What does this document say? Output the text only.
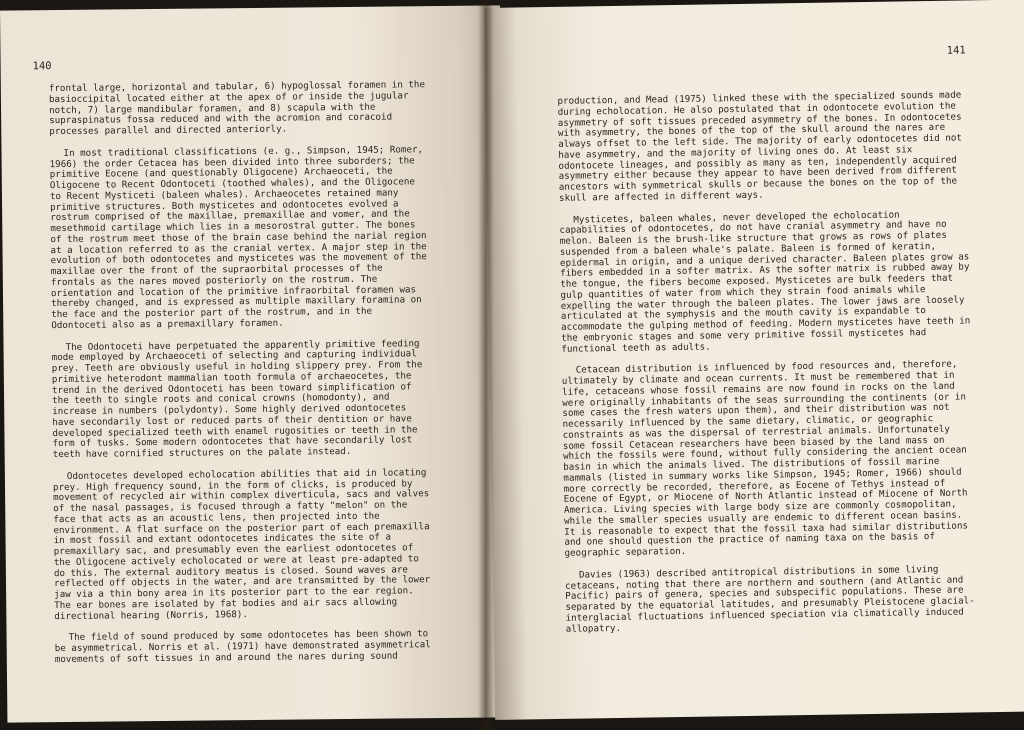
140

frontal large, horizontal and tabular, 6) hypoglossal foramen in the basioccipital located either at the apex of or inside the jugular notch, 7) large mandibular foramen, and 8) scapula with the supraspinatus fossa reduced and with the acromion and coracoid processes parallel and directed anteriorly.

In most traditional classifications (e. g., Simpson, 1945; Romer, 1966) the order Cetacea has been divided into three suborders; the primitive Eocene (and questionably Oligocene) Archaeoceti, the Oligocene to Recent Odontoceti (toothed whales), and the Oligocene to Recent Mysticeti (baleen whales). Archaeocetes retained many primitive structures. Both mysticetes and odontocetes evolved a rostrum comprised of the maxillae, premaxillae and vomer, and the mesethmoid cartilage which lies in a mesorostral gutter. The bones of the rostrum meet those of the brain case behind the narial region at a location referred to as the cranial vertex. A major step in the evolution of both odontocetes and mysticetes was the movement of the maxillae over the front of the supraorbital processes of the frontals as the nares moved posteriorly on the rostrum. The orientation and location of the primitive infraorbital foramen was thereby changed, and is expressed as multiple maxillary foramina on the face and the posterior part of the rostrum, and in the Odontoceti also as a premaxillary foramen.

The Odontoceti have perpetuated the apparently primitive feeding mode employed by Archaeoceti of selecting and capturing individual prey. Teeth are obviously useful in holding slippery prey. From the primitive heterodont mammalian tooth formula of archaeocetes, the trend in the derived Odontoceti has been toward simplification of the teeth to single roots and conical crowns (homodonty), and increase in numbers (polydonty). Some highly derived odontocetes have secondarily lost or reduced parts of their dentition or have developed specialized teeth with enamel rugosities or teeth in the form of tusks. Some modern odontocetes that have secondarily lost teeth have cornified structures on the palate instead.

Odontocetes developed echolocation abilities that aid in locating prey. High frequency sound, in the form of clicks, is produced by movement of recycled air within complex diverticula, sacs and valves of the nasal passages, is focused through a fatty "melon" on the face that acts as an acoustic lens, then projected into the environment. A flat surface on the posterior part of each premaxilla in most fossil and extant odontocetes indicates the site of a premaxillary sac, and presumably even the earliest odontocetes of the Oligocene actively echolocated or were at least pre-adapted to do this. The external auditory meatus is closed. Sound waves are reflected off objects in the water, and are transmitted by the lower jaw via a thin bony area in its posterior part to the ear region. The ear bones are isolated by fat bodies and air sacs allowing directional hearing (Norris, 1968).

The field of sound produced by some odontocetes has been shown to be asymmetrical. Norris et al. (1971) have demonstrated asymmetrical movements of soft tissues in and around the nares during sound

141

production, and Mead (1975) linked these with the specialized sounds made during echolocation. He also postulated that in odontocete evolution the asymmetry of soft tissues preceded asymmetry of the bones. In odontocetes with asymmetry, the bones of the top of the skull around the nares are always offset to the left side. The majority of early odontocetes did not have asymmetry, and the majority of living ones do. At least six odontocete lineages, and possibly as many as ten, independently acquired asymmetry either because they appear to have been derived from different ancestors with symmetrical skulls or because the bones on the top of the skull are affected in different ways.

Mysticetes, baleen whales, never developed the echolocation capabilities of odontocetes, do not have cranial asymmetry and have no melon. Baleen is the brush-like structure that grows as rows of plates suspended from a baleen whale's palate. Baleen is formed of keratin, epidermal in origin, and a unique derived character. Baleen plates grow as fibers embedded in a softer matrix. As the softer matrix is rubbed away by the tongue, the fibers become exposed. Mysticetes are bulk feeders that gulp quantities of water from which they strain food animals while expelling the water through the baleen plates. The lower jaws are loosely articulated at the symphysis and the mouth cavity is expandable to accommodate the gulping method of feeding. Modern mysticetes have teeth in the embryonic stages and some very primitive fossil mysticetes had functional teeth as adults.

Cetacean distribution is influenced by food resources and, therefore, ultimately by climate and ocean currents. It must be remembered that in life, cetaceans whose fossil remains are now found in rocks on the land were originally inhabitants of the seas surrounding the continents (or in some cases the fresh waters upon them), and their distribution was not necessarily influenced by the same dietary, climatic, or geographic constraints as was the dispersal of terrestrial animals. Unfortunately some fossil Cetacean researchers have been biased by the land mass on which the fossils were found, without fully considering the ancient ocean basin in which the animals lived. The distributions of fossil marine mammals (listed in summary works like Simpson, 1945; Romer, 1966) should more correctly be recorded, therefore, as Eocene of Tethys instead of Eocene of Egypt, or Miocene of North Atlantic instead of Miocene of North America. Living species with large body size are commonly cosmopolitan, while the smaller species usually are endemic to different ocean basins. It is reasonable to expect that the fossil taxa had similar distributions and one should question the practice of naming taxa on the basis of geographic separation.

Davies (1963) described antitropical distributions in some living cetaceans, noting that there are northern and southern (and Atlantic and Pacific) pairs of genera, species and subspecific populations. These are separated by the equatorial latitudes, and presumably Pleistocene glacial-interglacial fluctuations influenced speciation via climatically induced allopatry.
